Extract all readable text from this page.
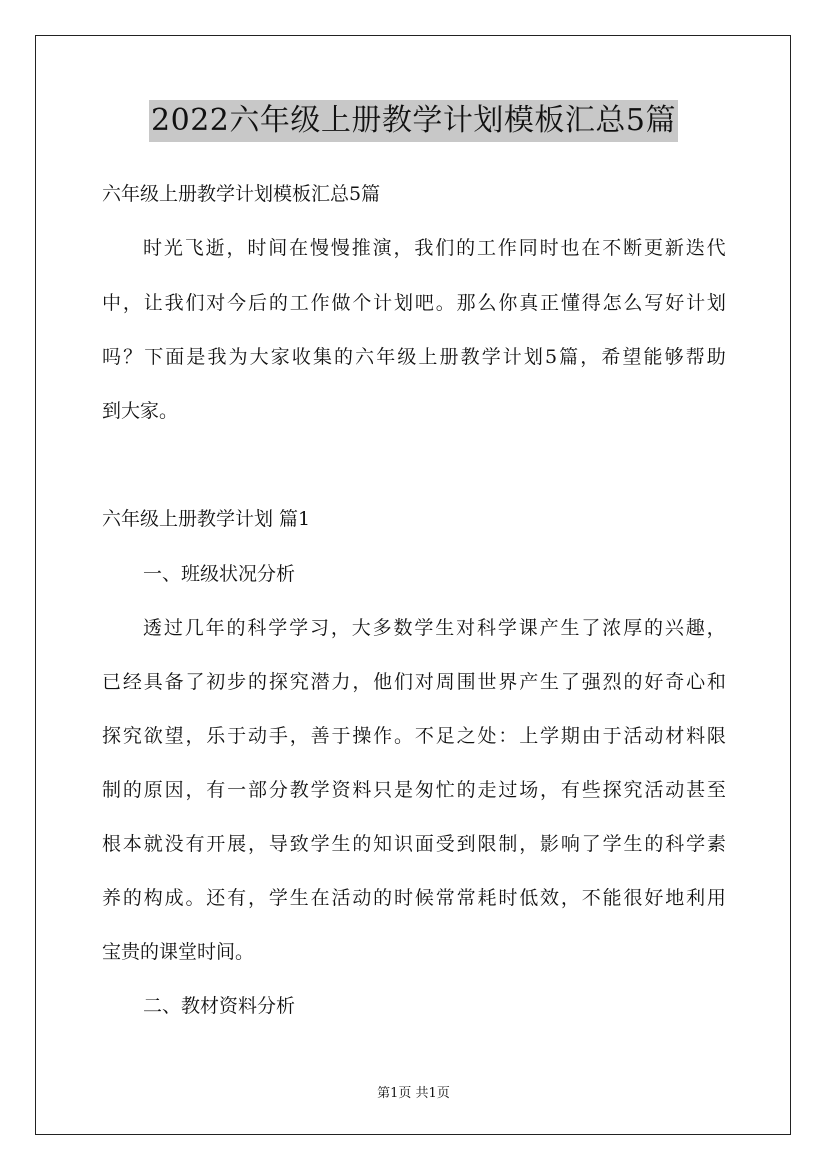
2022六年级上册教学计划模板汇总5篇
六年级上册教学计划模板汇总5篇
时 光 飞 逝 ， 时 间 在 慢 慢 推 演 ， 我 们 的 工 作 同 时 也 在 不 断 更 新 迭 代
中 ， 让 我 们 对 今 后 的 工 作 做 个 计 划 吧 。 那 么 你 真 正 懂 得 怎 么 写 好 计 划
吗 ？ 下 面 是 我 为 大 家 收 集 的 六 年 级 上 册 教 学 计 划 5 篇 ， 希 望 能 够 帮 助
到大家。
六年级上册教学计划 篇1
一、班级状况分析
透 过 几 年 的 科 学 学 习 ， 大 多 数 学 生 对 科 学 课 产 生 了 浓 厚 的 兴 趣 ，
已 经 具 备 了 初 步 的 探 究 潜 力 ， 他 们 对 周 围 世 界 产 生 了 强 烈 的 好 奇 心 和
探 究 欲 望 ， 乐 于 动 手 ， 善 于 操 作 。 不 足 之 处 ： 上 学 期 由 于 活 动 材 料 限
制 的 原 因 ， 有 一 部 分 教 学 资 料 只 是 匆 忙 的 走 过 场 ， 有 些 探 究 活 动 甚 至
根 本 就 没 有 开 展 ， 导 致 学 生 的 知 识 面 受 到 限 制 ， 影 响 了 学 生 的 科 学 素
养 的 构 成 。 还 有 ， 学 生 在 活 动 的 时 候 常 常 耗 时 低 效 ， 不 能 很 好 地 利 用
宝贵的课堂时间。
二、教材资料分析
第1页 共1页
